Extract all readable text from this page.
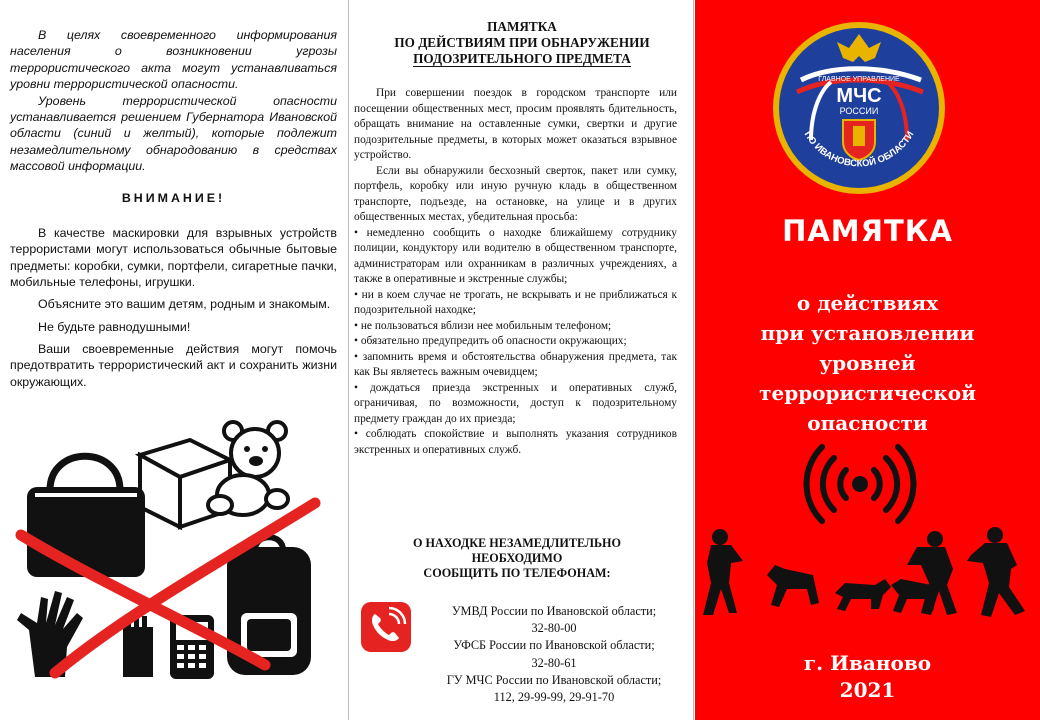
В целях своевременного информирования населения о возникновении угрозы террористического акта могут устанавливаться уровни террористической опасности.

Уровень террористической опасности устанавливается решением Губернатора Ивановской области (синий и желтый), которые подлежит незамедлительному обнародованию в средствах массовой информации.

ВНИМАНИЕ!

В качестве маскировки для взрывных устройств террористами могут использоваться обычные бытовые предметы: коробки, сумки, портфели, сигаретные пачки, мобильные телефоны, игрушки.

Объясните это вашим детям, родным и знакомым.

Не будьте равнодушными!

Ваши своевременные действия могут помочь предотвратить террористический акт и сохранить жизни окружающих.

ПАМЯТКА
ПО ДЕЙСТВИЯМ ПРИ ОБНАРУЖЕНИИ
ПОДОЗРИТЕЛЬНОГО ПРЕДМЕТА

При совершении поездок в городском транспорте или посещении общественных мест, просим проявлять бдительность, обращать внимание на оставленные сумки, свертки и другие подозрительные предметы, в которых может оказаться взрывное устройство.

Если вы обнаружили бесхозный сверток, пакет или сумку, портфель, коробку или иную ручную кладь в общественном транспорте, подъезде, на остановке, на улице и в других общественных местах, убедительная просьба:

• немедленно сообщить о находке ближайшему сотруднику полиции, кондуктору или водителю в общественном транспорте, администраторам или охранникам в различных учреждениях, а также в оперативные и экстренные службы;

• ни в коем случае не трогать, не вскрывать и не приближаться к подозрительной находке;

• не пользоваться вблизи нее мобильным телефоном;

• обязательно предупредить об опасности окружающих;

• запомнить время и обстоятельства обнаружения предмета, так как Вы являетесь важным очевидцем;

• дождаться приезда экстренных и оперативных служб, ограничивая, по возможности, доступ к подозрительному предмету граждан до их приезда;

• соблюдать спокойствие и выполнять указания сотрудников экстренных и оперативных служб.

О НАХОДКЕ НЕЗАМЕДЛИТЕЛЬНО
НЕОБХОДИМО
СООБЩИТЬ ПО ТЕЛЕФОНАМ:
УМВД России по Ивановской области;
32-80-00
УФСБ России по Ивановской области;
32-80-61
ГУ МЧС России по Ивановской области;
112, 29-99-99, 29-91-70
ГЛАВНОЕ УПРАВЛЕНИЕ
МЧС
РОССИИ
ПО ИВАНОВСКОЙ ОБЛАСТИ
ПАМЯТКА
о действиях
при установлении
уровней
террористической
опасности
г. Иваново
2021
